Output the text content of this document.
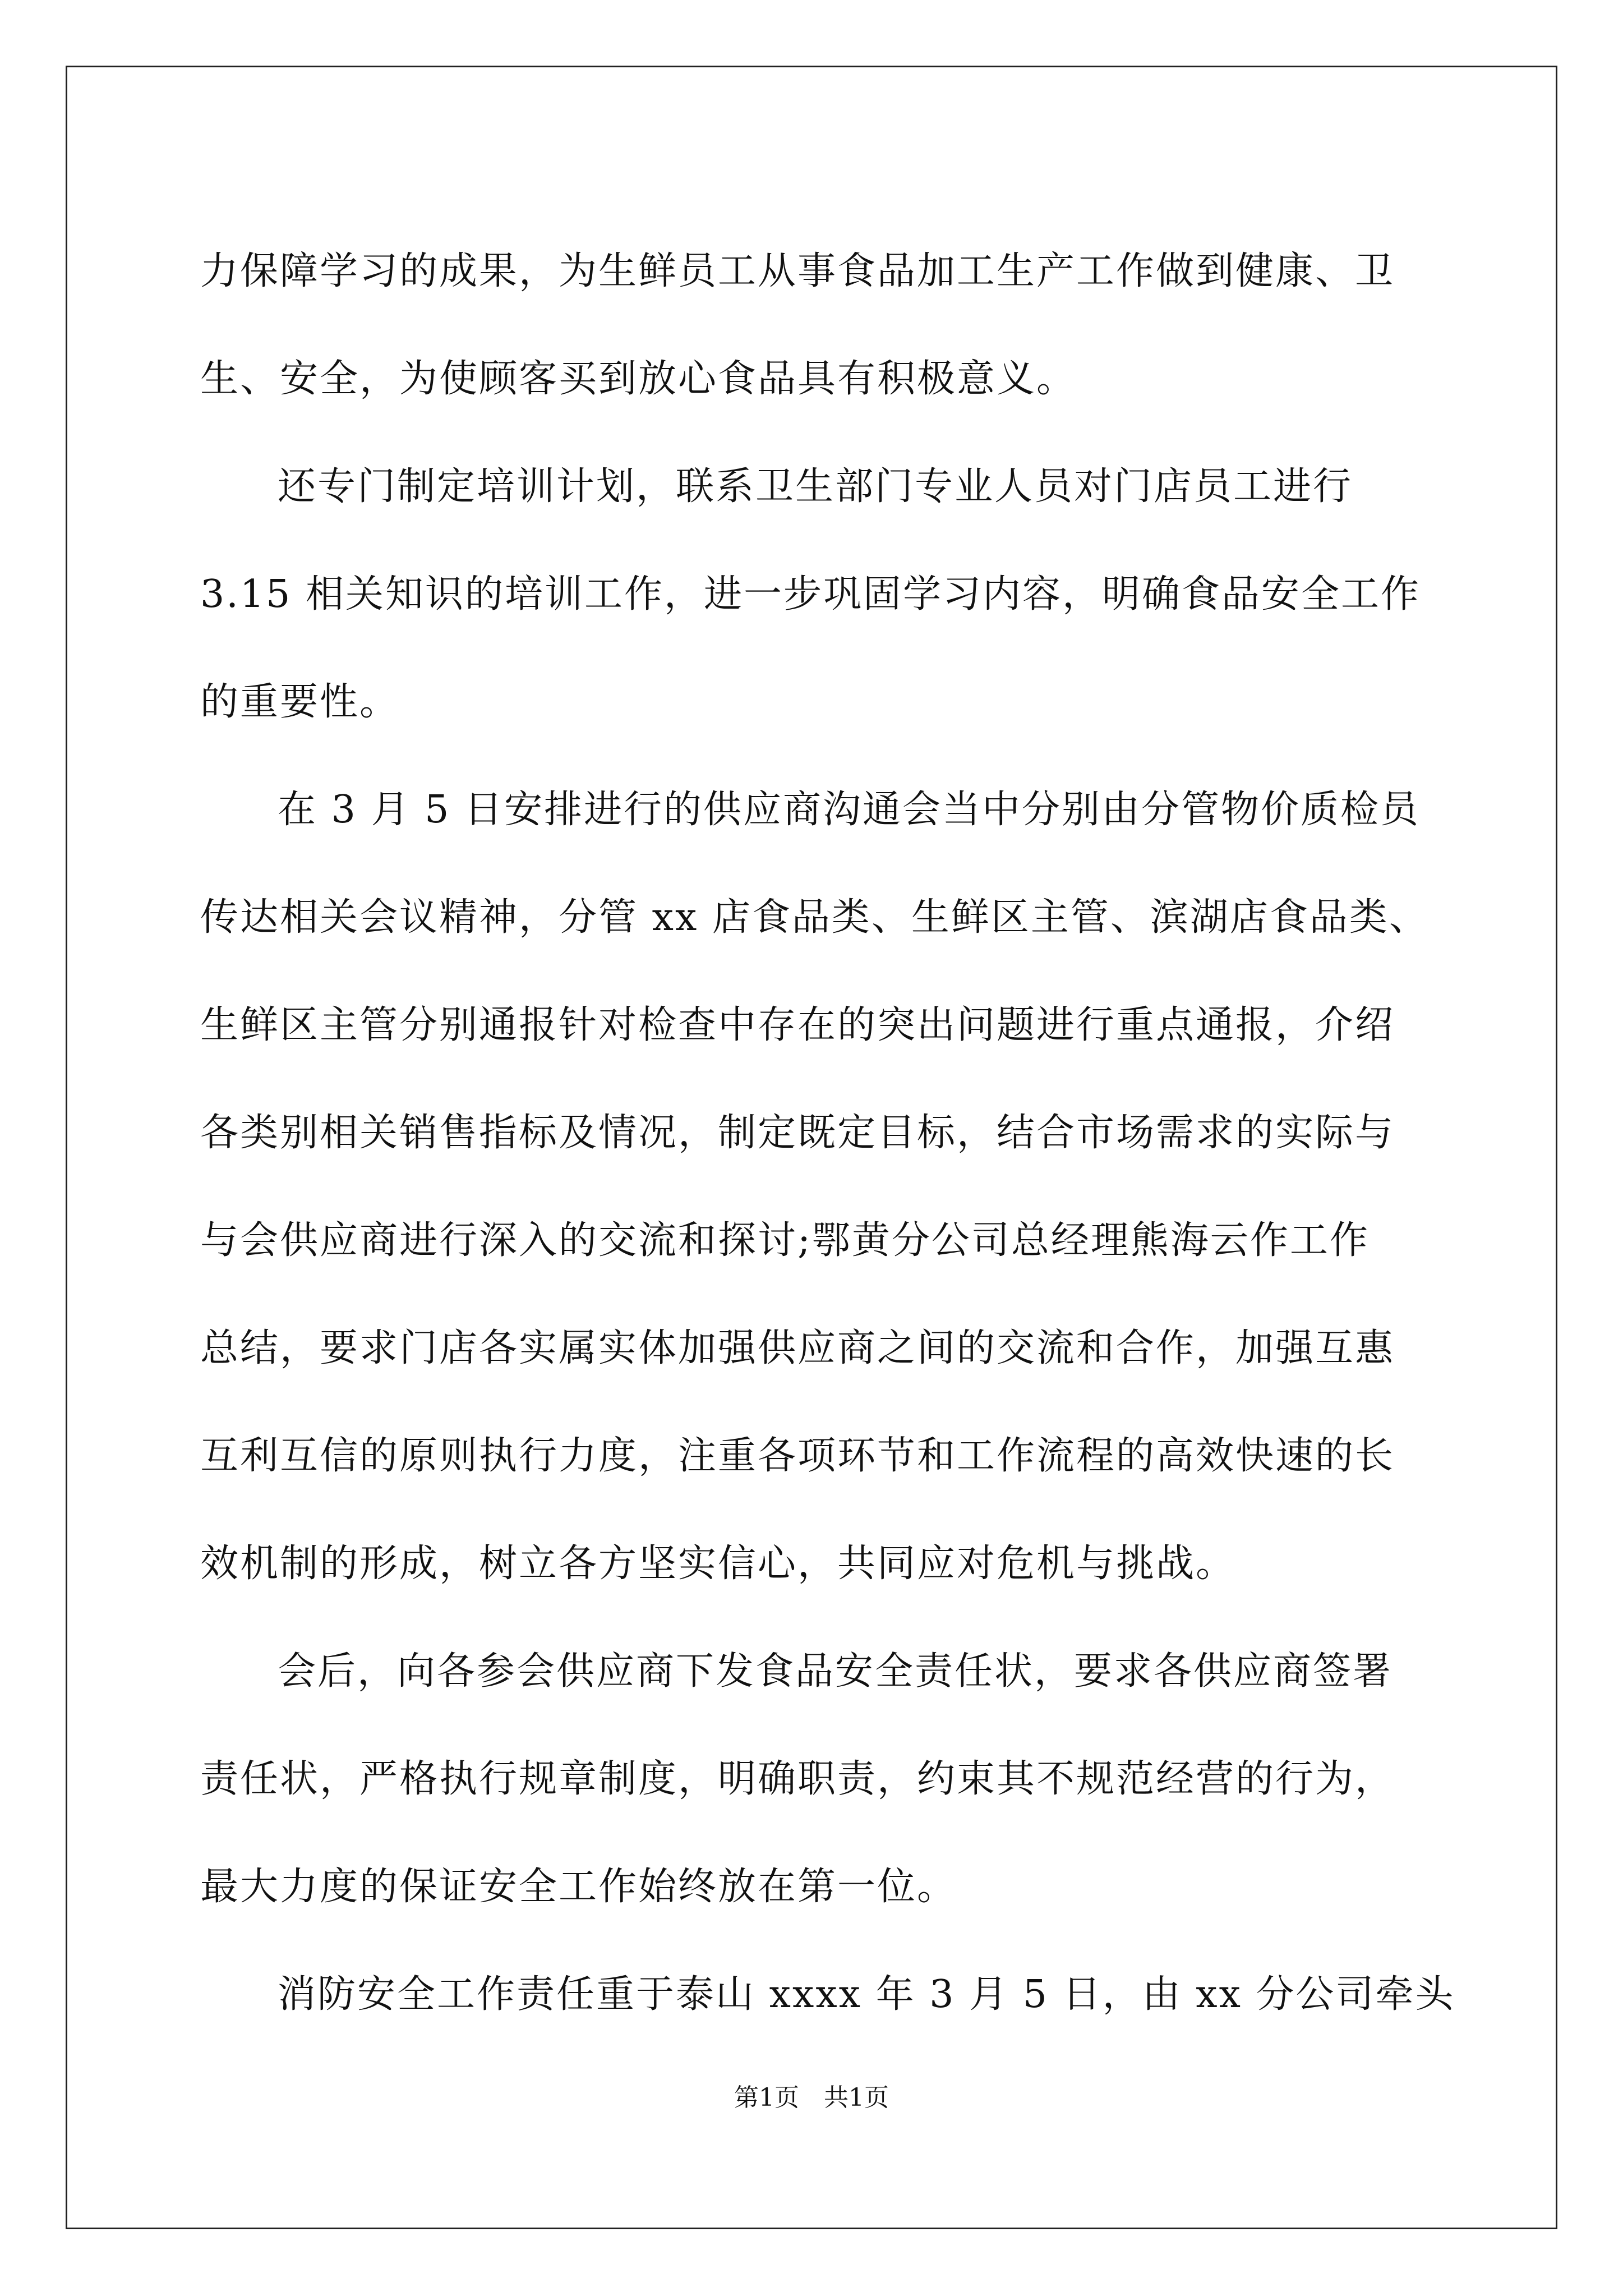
力保障学习的成果，为生鲜员工从事食品加工生产工作做到健康、卫
生、安全，为使顾客买到放心食品具有积极意义。
还专门制定培训计划，联系卫生部门专业人员对门店员工进行
3.15 相关知识的培训工作，进一步巩固学习内容，明确食品安全工作
的重要性。
在 3 月 5 日安排进行的供应商沟通会当中分别由分管物价质检员
传达相关会议精神，分管 xx 店食品类、生鲜区主管、滨湖店食品类、
生鲜区主管分别通报针对检查中存在的突出问题进行重点通报，介绍
各类别相关销售指标及情况，制定既定目标，结合市场需求的实际与
与会供应商进行深入的交流和探讨;鄂黄分公司总经理熊海云作工作
总结，要求门店各实属实体加强供应商之间的交流和合作，加强互惠
互利互信的原则执行力度，注重各项环节和工作流程的高效快速的长
效机制的形成，树立各方坚实信心，共同应对危机与挑战。
会后，向各参会供应商下发食品安全责任状，要求各供应商签署
责任状，严格执行规章制度，明确职责，约束其不规范经营的行为，
最大力度的保证安全工作始终放在第一位。
消防安全工作责任重于泰山 xxxx 年 3 月 5 日，由 xx 分公司牵头
第1页　共1页
